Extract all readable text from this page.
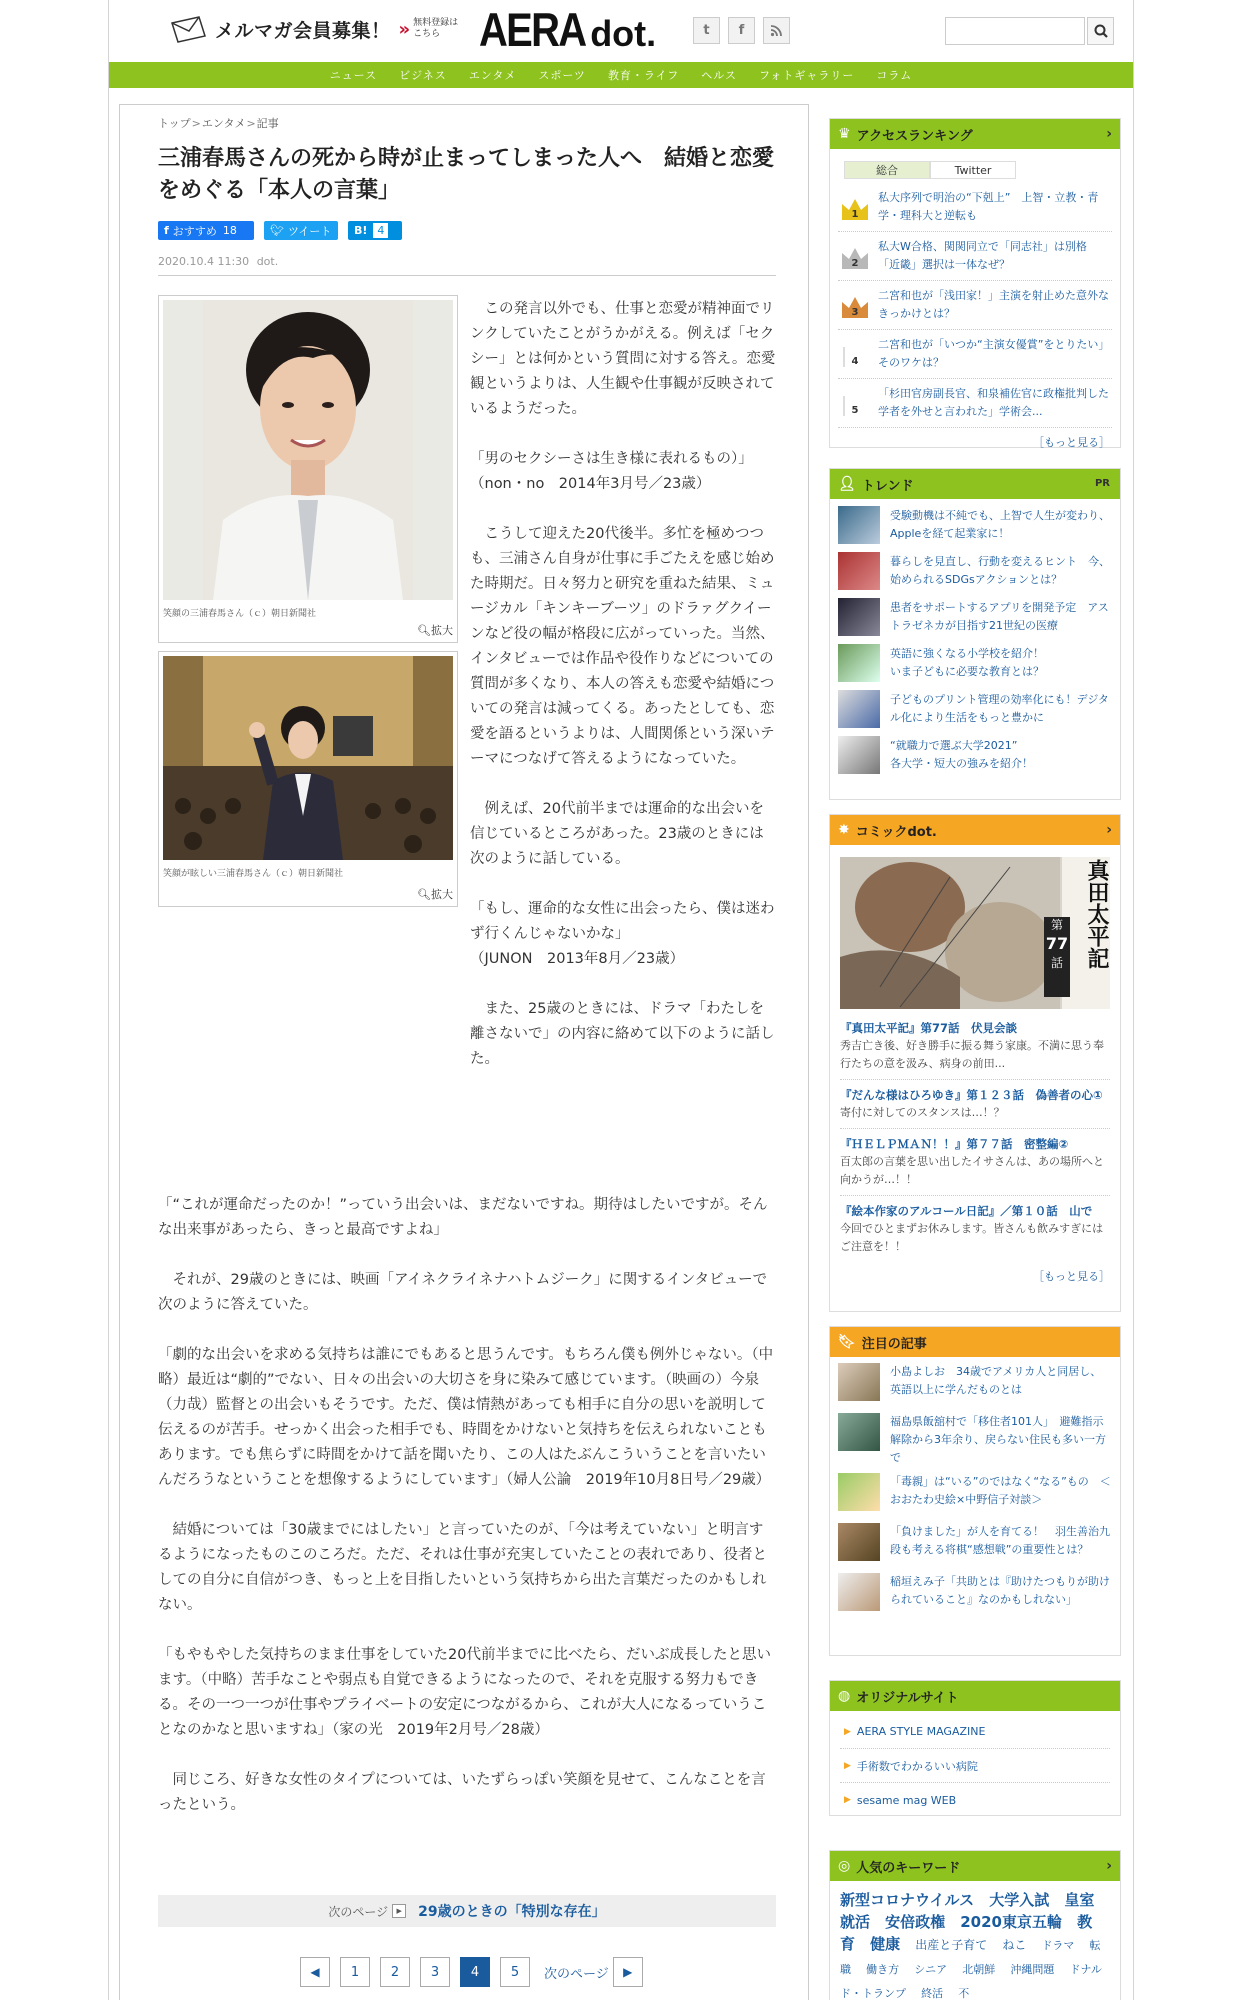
メルマガ会員募集！ » 無料登録は
こちら AERA dot.	t	f
ニュース ビジネス エンタメ スポーツ 教育・ライフ ヘルス フォトギャラリー コラム
トップ>エンタメ>記事
三浦春馬さんの死から時が止まってしまった人へ　結婚と恋愛をめぐる「本人の言葉」
f おすすめ 18	🐦︎ ツイート B! 4
2020.10.4 11:30 dot.
笑顔の三浦春馬さん（ｃ）朝日新聞社
🔍︎拡大
笑顔が眩しい三浦春馬さん（ｃ）朝日新聞社
🔍︎拡大

　この発言以外でも、仕事と恋愛が精神面でリンクしていたことがうかがえる。例えば「セクシー」とは何かという質問に対する答え。恋愛観というよりは、人生観や仕事観が反映されているようだった。

「男のセクシーさは生き様に表れるもの）」（non・no　2014年3月号／23歳）

　こうして迎えた20代後半。多忙を極めつつも、三浦さん自身が仕事に手ごたえを感じ始めた時期だ。日々努力と研究を重ねた結果、ミュージカル「キンキーブーツ」のドラァグクイーンなど役の幅が格段に広がっていった。当然、インタビューでは作品や役作りなどについての質問が多くなり、本人の答えも恋愛や結婚についての発言は減ってくる。あったとしても、恋愛を語るというよりは、人間関係という深いテーマにつなげて答えるようになっていた。

　例えば、20代前半までは運命的な出会いを信じているところがあった。23歳のときには次のように話している。

「もし、運命的な女性に出会ったら、僕は迷わず行くんじゃないかな」
（JUNON　2013年8月／23歳）

　また、25歳のときには、ドラマ「わたしを離さないで」の内容に絡めて以下のように話した。

「“これが運命だったのか！”っていう出会いは、まだないですね。期待はしたいですが。そんな出来事があったら、きっと最高ですよね」

　それが、29歳のときには、映画「アイネクライネナハトムジーク」に関するインタビューで次のように答えていた。

「劇的な出会いを求める気持ちは誰にでもあると思うんです。もちろん僕も例外じゃない。（中略）最近は“劇的”でない、日々の出会いの大切さを身に染みて感じています。（映画の）今泉（力哉）監督との出会いもそうです。ただ、僕は情熱があっても相手に自分の思いを説明して伝えるのが苦手。せっかく出会った相手でも、時間をかけないと気持ちを伝えられないこともあります。でも焦らずに時間をかけて話を聞いたり、この人はたぶんこういうことを言いたいんだろうなということを想像するようにしています」（婦人公論　2019年10月8日号／29歳）

　結婚については「30歳までにはしたい」と言っていたのが、「今は考えていない」と明言するようになったものこのころだ。ただ、それは仕事が充実していたことの表れであり、役者としての自分に自信がつき、もっと上を目指したいという気持ちから出た言葉だったのかもしれない。

「もやもやした気持ちのまま仕事をしていた20代前半までに比べたら、だいぶ成長したと思います。（中略）苦手なことや弱点も自覚できるようになったので、それを克服する努力もできる。その一つ一つが仕事やプライベートの安定につながるから、これが大人になるっていうことなのかなと思いますね」（家の光　2019年2月号／28歳）

　同じころ、好きな女性のタイプについては、いたずらっぽい笑顔を見せて、こんなことを言ったという。

次のページ	▶	29歳のときの「特別な存在」
◀	1	2	3	4	5	次のページ	▶
♛ アクセスランキング	›
総合	Twitter
1
私大序列で明治の“下剋上”　上智・立教・青学・理科大と逆転も
2
私大W合格、関関同立で「同志社」は別格　「近畿」選択は一体なぜ？
3
二宮和也が「浅田家！」主演を射止めた意外なきっかけとは？
4
二宮和也が「いつか“主演女優賞”をとりたい」そのワケは？
5
「杉田官房副長官、和泉補佐官に政権批判した学者を外せと言われた」学術会...
［もっと見る］
👤︎ トレンド	PR
受験動機は不純でも、上智で人生が変わり、Appleを経て起業家に！
暮らしを見直し、行動を変えるヒント　今、始められるSDGsアクションとは？
患者をサポートするアプリを開発予定　アストラゼネカが目指す21世紀の医療
英語に強くなる小学校を紹介！
いま子どもに必要な教育とは？
子どものプリント管理の効率化にも！デジタル化により生活をもっと豊かに
“就職力で選ぶ大学2021”
各大学・短大の強みを紹介！
✸ コミックdot.	›
真田太平記
第
77
話
『真田太平記』第77話　伏見会談
秀吉亡き後、好き勝手に振る舞う家康。不満に思う奉行たちの意を汲み、病身の前田...
『だんな様はひろゆき』第１２３話　偽善者の心①
寄付に対してのスタンスは…！？
『ＨＥＬＰＭＡＮ！！』第７７話　密整編②
百太郎の言葉を思い出したイサさんは、あの場所へと向かうが…！！
『絵本作家のアルコール日記』／第１０話　山で
今回でひとまずお休みします。皆さんも飲みすぎにはご注意を！！
［もっと見る］
🔖︎ 注目の記事
小島よしお　34歳でアメリカ人と同居し、英語以上に学んだものとは
福島県飯舘村で「移住者101人」　避難指示解除から3年余り、戻らない住民も多い一方で
「毒親」は“いる”のではなく“なる”もの　＜おおたわ史絵×中野信子対談＞
「負けました」が人を育てる！　羽生善治九段も考える将棋“感想戦”の重要性とは？
稲垣えみ子「共助とは『助けたつもりが助けられていること』なのかもしれない」
◍ オリジナルサイト
▶ AERA STYLE MAGAZINE
▶ 手術数でわかるいい病院
▶ sesame mag WEB
◎ 人気のキーワード	›
新型コロナウイルス 大学入試 皇室 就活 安倍政権 2020東京五輪 教育 健康 出産と子育て ねこ ドラマ 転職 働き方 シニア 北朝鮮 沖縄問題 ドナルド・トランプ 終活 不
